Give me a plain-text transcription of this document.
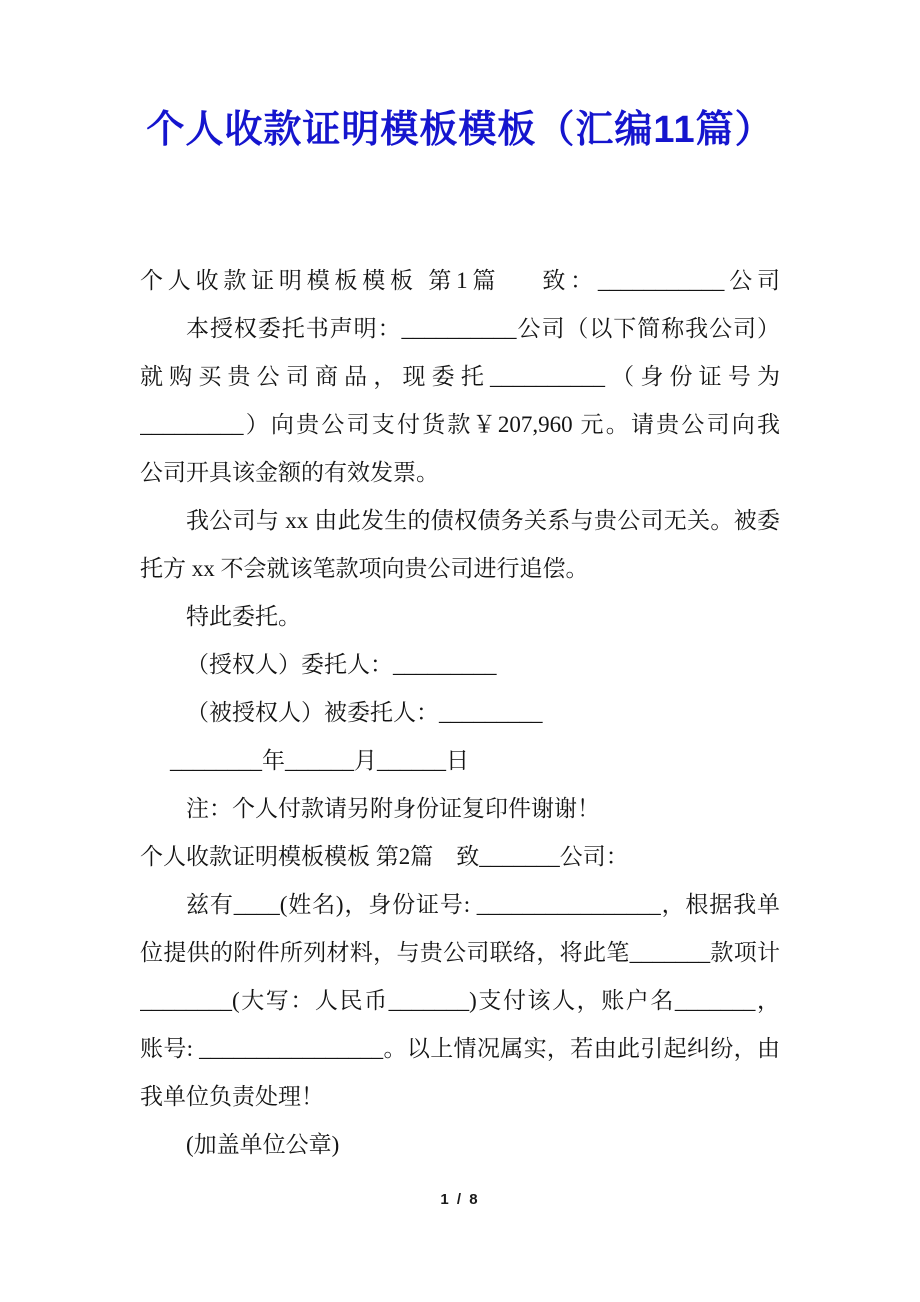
个人收款证明模板模板（汇编11篇）
个人收款证明模板模板 第1篇    致：___________公司
本授权委托书声明：__________公司（以下简称我公司）
就购买贵公司商品，现委托__________（身份证号为
_________）向贵公司支付货款￥207,960 元。请贵公司向我
公司开具该金额的有效发票。
我公司与 xx 由此发生的债权债务关系与贵公司无关。被委
托方 xx 不会就该笔款项向贵公司进行追偿。
特此委托。
（授权人）委托人：_________
（被授权人）被委托人：_________
________年______月______日
注：个人付款请另附身份证复印件谢谢！
个人收款证明模板模板 第2篇    致_______公司：
兹有____(姓名)，身份证号: ________________，根据我单
位提供的附件所列材料，与贵公司联络，将此笔_______款项计
________(大写：人民币_______)支付该人，账户名_______，
账号: ________________。以上情况属实，若由此引起纠纷，由
我单位负责处理！
(加盖单位公章)
1 / 8
